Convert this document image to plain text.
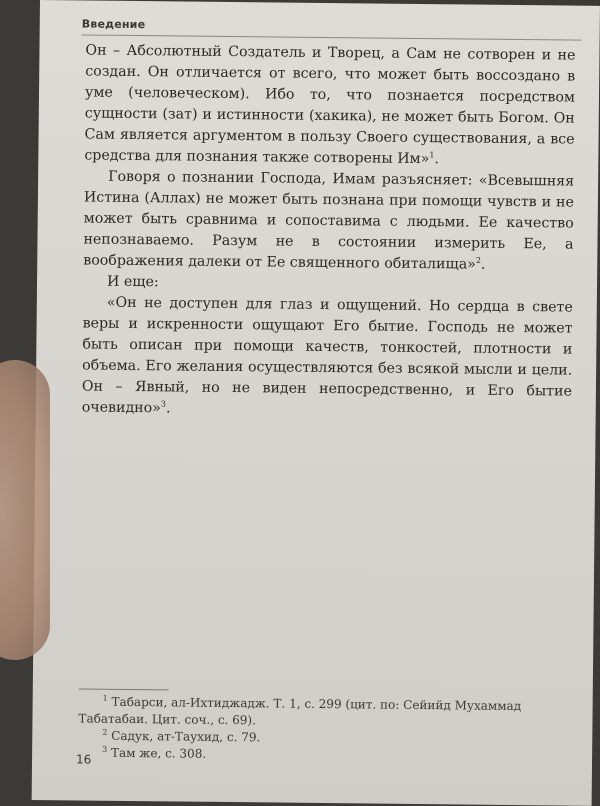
Введение

Он – Абсолютный Создатель и Творец, а Сам не сотворен и не создан. Он отличается от всего, что может быть воссоздано в уме (человеческом). Ибо то, что познается посредством сущности (зат) и истинности (хакика), не может быть Богом. Он Сам является аргументом в пользу Своего существования, а все средства для познания также сотворены Им»$^1$.

Говоря о познании Господа, Имам разъясняет: «Всевышняя Истина (Аллах) не может быть познана при помощи чувств и не может быть сравнима и сопоставима с людьми. Ее качество непознаваемо. Разум не в состоянии измерить Ее, а воображения далеки от Ее священного обиталища»$^2$.

И еще:

«Он не доступен для глаз и ощущений. Но сердца в свете веры и искренности ощущают Его бытие. Господь не может быть описан при помощи качеств, тонкостей, плотности и объема. Его желания осуществляются без всякой мысли и цели. Он – Явный, но не виден непосредственно, и Его бытие очевидно»$^3$.

$^1$ Табарси, ал-Ихтиджадж. Т. 1, с. 299 (цит. по: Сейийд Мухаммад Табатабаи. Цит. соч., с. 69).

$^2$ Садук, ат-Таухид, с. 79.

$^3$ Там же, с. 308.

16
